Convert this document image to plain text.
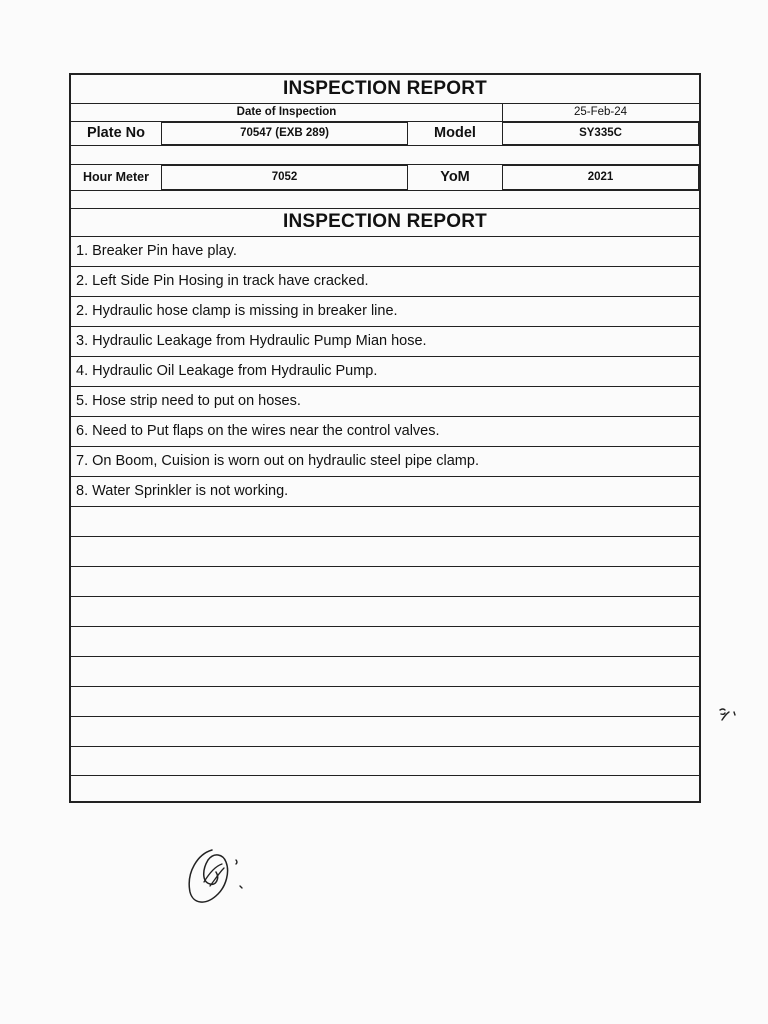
INSPECTION REPORT
Date of Inspection	25-Feb-24
Plate No	70547 (EXB 289)	Model	SY335C
Hour Meter	7052	YoM	2021
INSPECTION REPORT
1. Breaker Pin have play.
2. Left Side Pin Hosing in track have cracked.
2. Hydraulic hose clamp is missing in breaker line.
3. Hydraulic Leakage from Hydraulic Pump Mian hose.
4. Hydraulic Oil Leakage from Hydraulic Pump.
5. Hose strip need to put on hoses.
6. Need to Put flaps on the wires near the control valves.
7. On Boom, Cuision is worn out on hydraulic steel pipe clamp.
8. Water Sprinkler is not working.
